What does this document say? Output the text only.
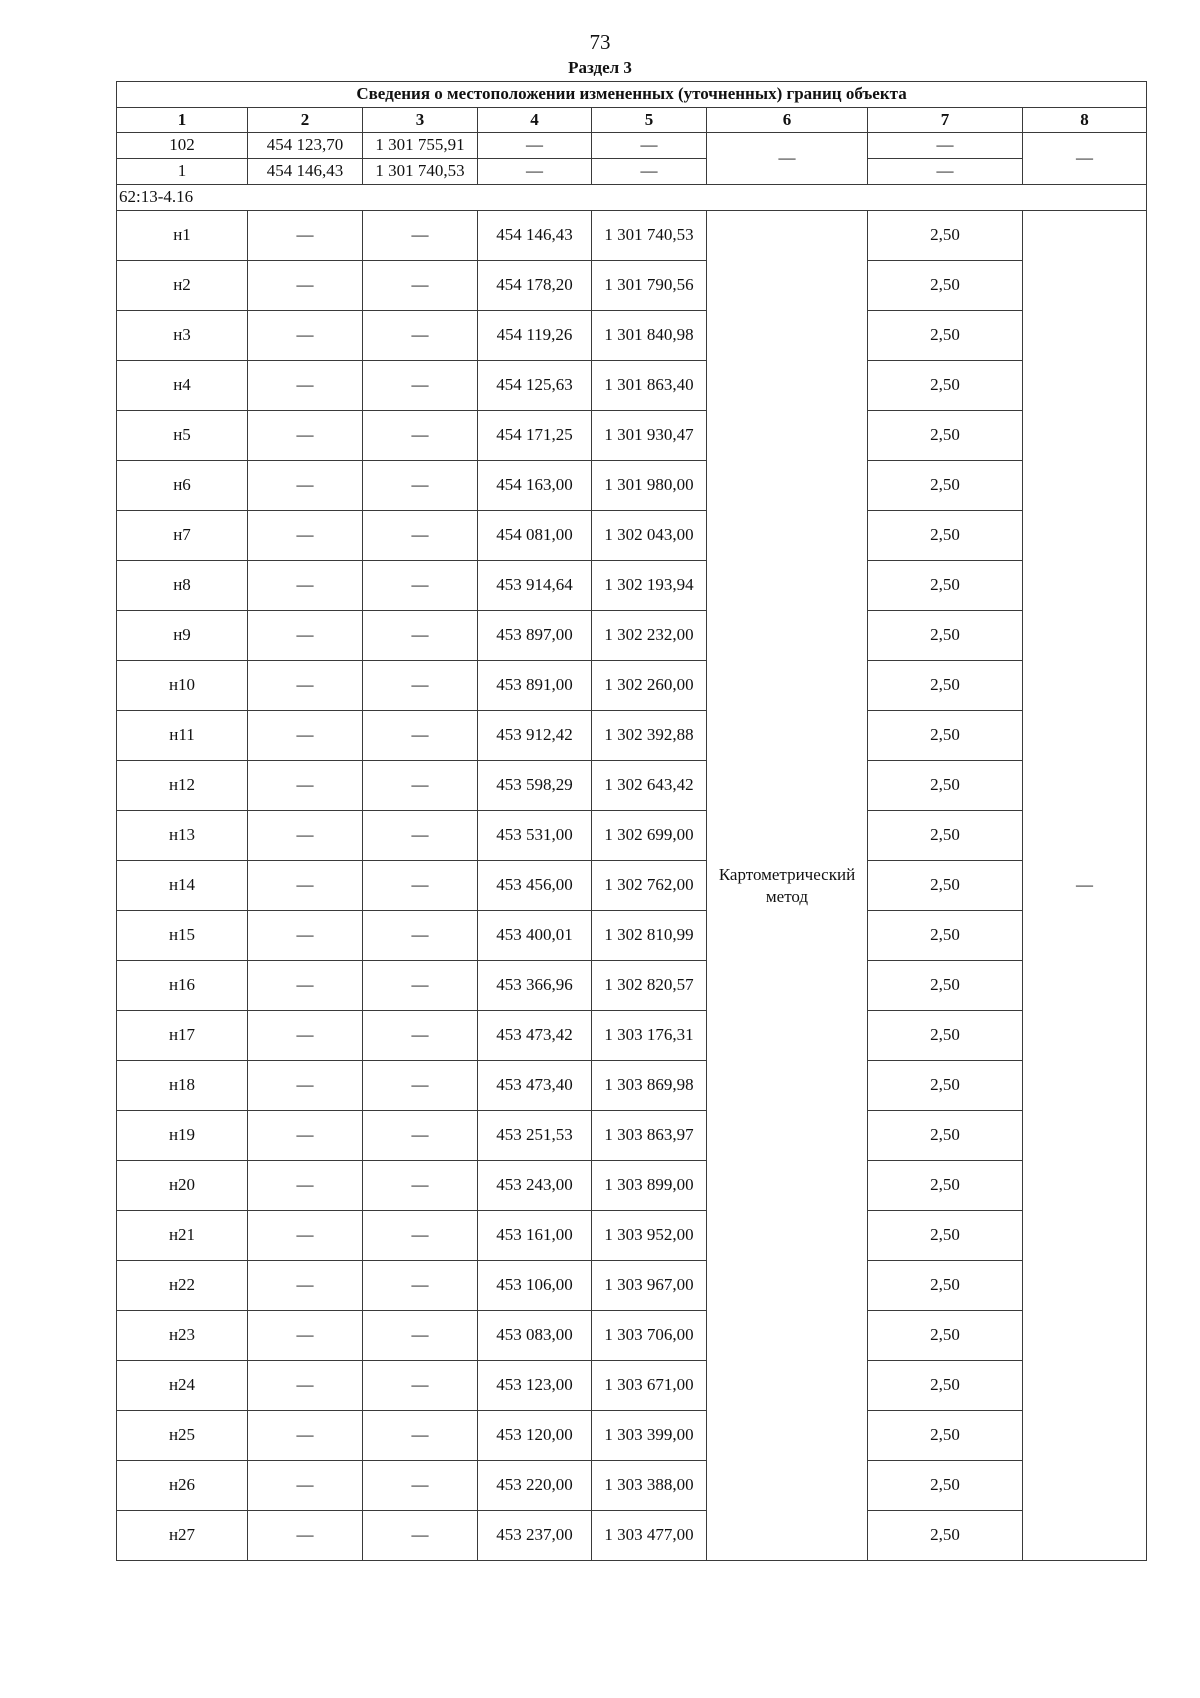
73
Раздел 3
Сведения о местоположении измененных (уточненных) границ объекта							
1	2	3	4	5	6	7	8
102	454 123,70	1 301 755,91	—	—	—	—	—
1	454 146,43	1 301 740,53	—	—		—	
62:13-4.16							
н1	—	—	454 146,43	1 301 740,53	Картометрический метод	2,50	—
н2	—	—	454 178,20	1 301 790,56		2,50	
н3	—	—	454 119,26	1 301 840,98		2,50	
н4	—	—	454 125,63	1 301 863,40		2,50	
н5	—	—	454 171,25	1 301 930,47		2,50	
н6	—	—	454 163,00	1 301 980,00		2,50	
н7	—	—	454 081,00	1 302 043,00		2,50	
н8	—	—	453 914,64	1 302 193,94		2,50	
н9	—	—	453 897,00	1 302 232,00		2,50	
н10	—	—	453 891,00	1 302 260,00		2,50	
н11	—	—	453 912,42	1 302 392,88		2,50	
н12	—	—	453 598,29	1 302 643,42		2,50	
н13	—	—	453 531,00	1 302 699,00		2,50	
н14	—	—	453 456,00	1 302 762,00		2,50	
н15	—	—	453 400,01	1 302 810,99		2,50	
н16	—	—	453 366,96	1 302 820,57		2,50	
н17	—	—	453 473,42	1 303 176,31		2,50	
н18	—	—	453 473,40	1 303 869,98		2,50	
н19	—	—	453 251,53	1 303 863,97		2,50	
н20	—	—	453 243,00	1 303 899,00		2,50	
н21	—	—	453 161,00	1 303 952,00		2,50	
н22	—	—	453 106,00	1 303 967,00		2,50	
н23	—	—	453 083,00	1 303 706,00		2,50	
н24	—	—	453 123,00	1 303 671,00		2,50	
н25	—	—	453 120,00	1 303 399,00		2,50	
н26	—	—	453 220,00	1 303 388,00		2,50	
н27	—	—	453 237,00	1 303 477,00		2,50	
